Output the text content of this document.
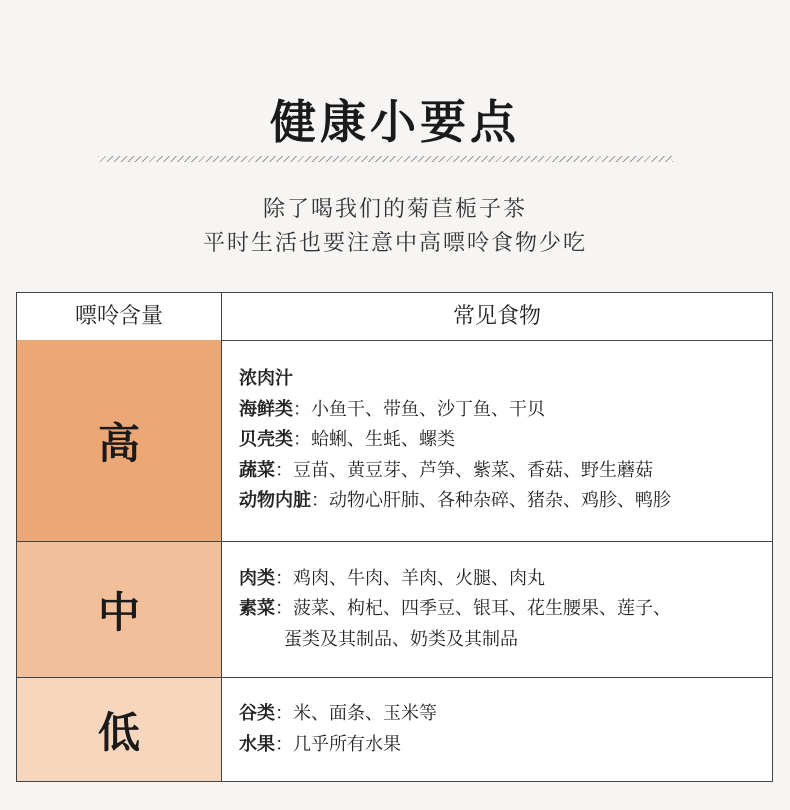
健康小要点
除了喝我们的菊苣栀子茶
平时生活也要注意中高嘌呤食物少吃
嘌呤含量	常见食物
高
浓肉汁
海鲜类：小鱼干、带鱼、沙丁鱼、干贝
贝壳类：蛤蜊、生蚝、螺类
蔬菜：豆苗、黄豆芽、芦笋、紫菜、香菇、野生蘑菇
动物内脏：动物心肝肺、各种杂碎、猪杂、鸡胗、鸭胗
中
肉类：鸡肉、牛肉、羊肉、火腿、肉丸
素菜：菠菜、枸杞、四季豆、银耳、花生腰果、莲子、
蛋类及其制品、奶类及其制品
低	谷类：米、面条、玉米等
水果：几乎所有水果
